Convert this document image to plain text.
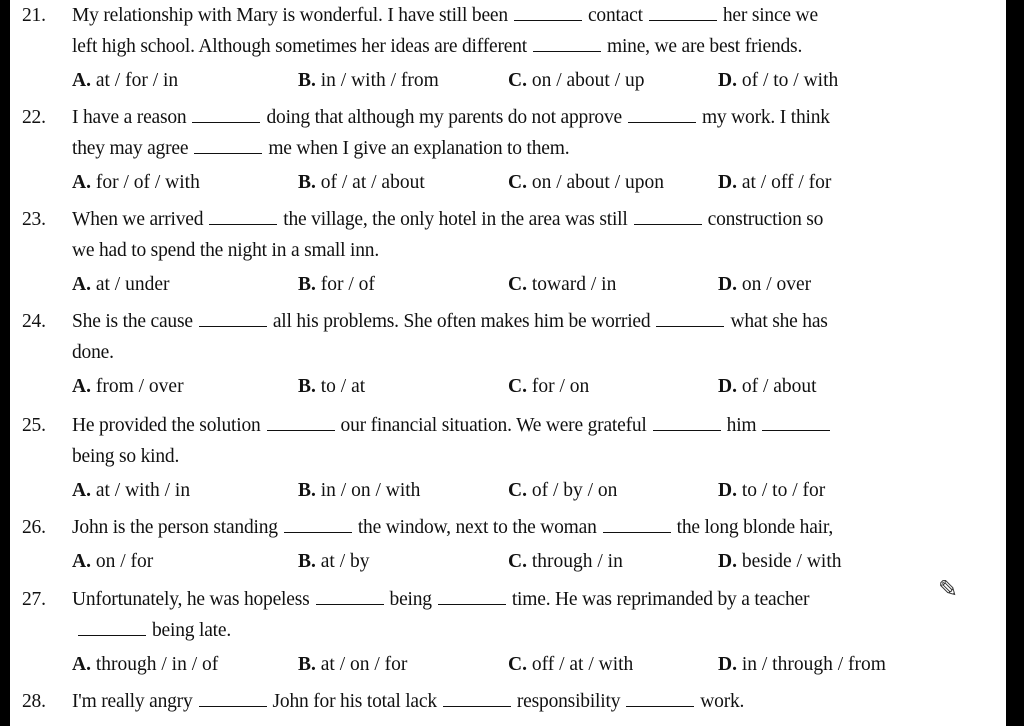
21. My relationship with Mary is wonderful. I have still been	contact	her since we
left high school. Although sometimes her ideas are different	mine, we are best friends.
A. at / for / in	B. in / with / from	C. on / about / up	D. of / to / with
22. I have a reason	doing that although my parents do not approve	my work. I think
they may agree	me when I give an explanation to them.
A. for / of / with	B. of / at / about	C. on / about / upon	D. at / off / for
23. When we arrived	the village, the only hotel in the area was still	construction so
we had to spend the night in a small inn.
A. at / under	B. for / of	C. toward / in	D. on / over
24. She is the cause	all his problems. She often makes him be worried	what she has
done.
A. from / over	B. to / at	C. for / on	D. of / about
25. He provided the solution	our financial situation. We were grateful	him
being so kind.
A. at / with / in	B. in / on / with	C. of / by / on	D. to / to / for
26. John is the person standing	the window, next to the woman	the long blonde hair,
A. on / for	B. at / by	C. through / in	D. beside / with
27. Unfortunately, he was hopeless	being	time. He was reprimanded by a teacher
being late.
A. through / in / of	B. at / on / for	C. off / at / with	D. in / through / from
28. I'm really angry	John for his total lack	responsibility	work.
✎
